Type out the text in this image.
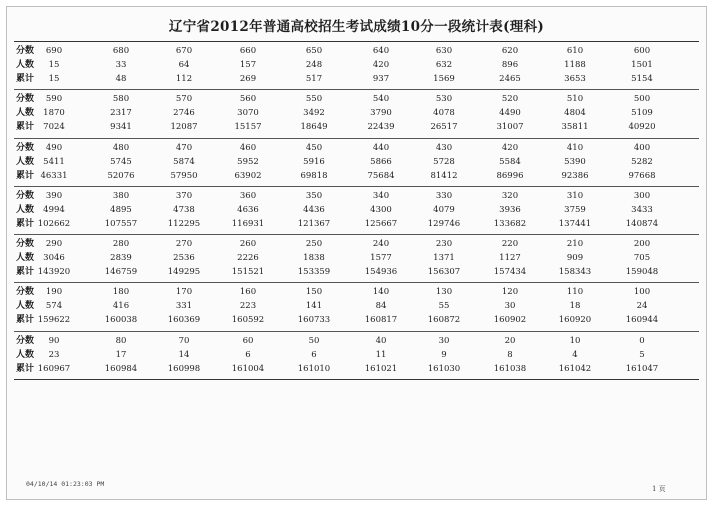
辽宁省2012年普通高校招生考试成绩10分一段统计表(理科)
分数	690	680	670	660	650	640	630	620	610	600
人数	15	33	64	157	248	420	632	896	1188	1501
累计	15	48	112	269	517	937	1569	2465	3653	5154
分数	590	580	570	560	550	540	530	520	510	500
人数	1870	2317	2746	3070	3492	3790	4078	4490	4804	5109
累计	7024	9341	12087	15157	18649	22439	26517	31007	35811	40920
分数	490	480	470	460	450	440	430	420	410	400
人数	5411	5745	5874	5952	5916	5866	5728	5584	5390	5282
累计 46331	52076	57950	63902	69818	75684	81412	86996	92386	97668
分数	390	380	370	360	350	340	330	320	310	300
人数	4994	4895	4738	4636	4436	4300	4079	3936	3759	3433
累计 102662	107557	112295	116931	121367	125667	129746	133682	137441	140874
分数	290	280	270	260	250	240	230	220	210	200
人数	3046	2839	2536	2226	1838	1577	1371	1127	909	705
累计 143920	146759	149295	151521	153359	154936	156307	157434	158343	159048
分数	190	180	170	160	150	140	130	120	110	100
人数	574	416	331	223	141	84	55	30	18	24
累计 159622	160038	160369	160592	160733	160817	160872	160902	160920	160944
分数	90	80	70	60	50	40	30	20	10	0
人数	23	17	14	6	6	11	9	8	4	5
累计 160967	160984	160998	161004	161010	161021	161030	161038	161042	161047
04/10/14 01:23:03 PM
1 页
